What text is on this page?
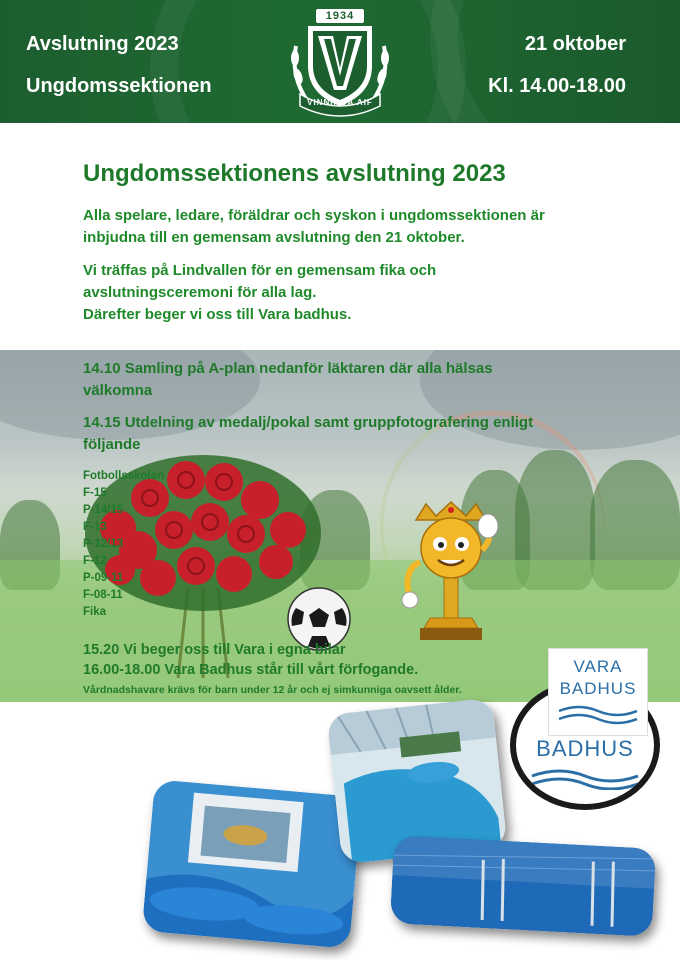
Avslutning 2023
Ungdomssektionen
21 oktober
Kl. 14.00-18.00
1934
VINNINGA AIF
Ungdomssektionens avslutning 2023
Alla spelare, ledare, föräldrar och syskon i ungdomssektionen är
inbjudna till en gemensam avslutning den 21 oktober.
Vi träffas på Lindvallen för en gemensam fika och
avslutningsceremoni för alla lag.
Därefter beger vi oss till Vara badhus.
14.10 Samling på A-plan nedanför läktaren där alla hälsas
välkomna
14.15 Utdelning av medalj/pokal samt gruppfotografering enligt
följande
Fotbollsskolan
F-15
P-14/15
F-13
P-12/13
F-12
P-09-11
F-08-11
Fika
15.20 Vi beger oss till Vara i egna bilar
16.00-18.00 Vara Badhus står till vårt förfogande.
Vårdnadshavare krävs för barn under 12 år och ej simkunniga oavsett ålder.
BADHUS
VARA
BADHUS
